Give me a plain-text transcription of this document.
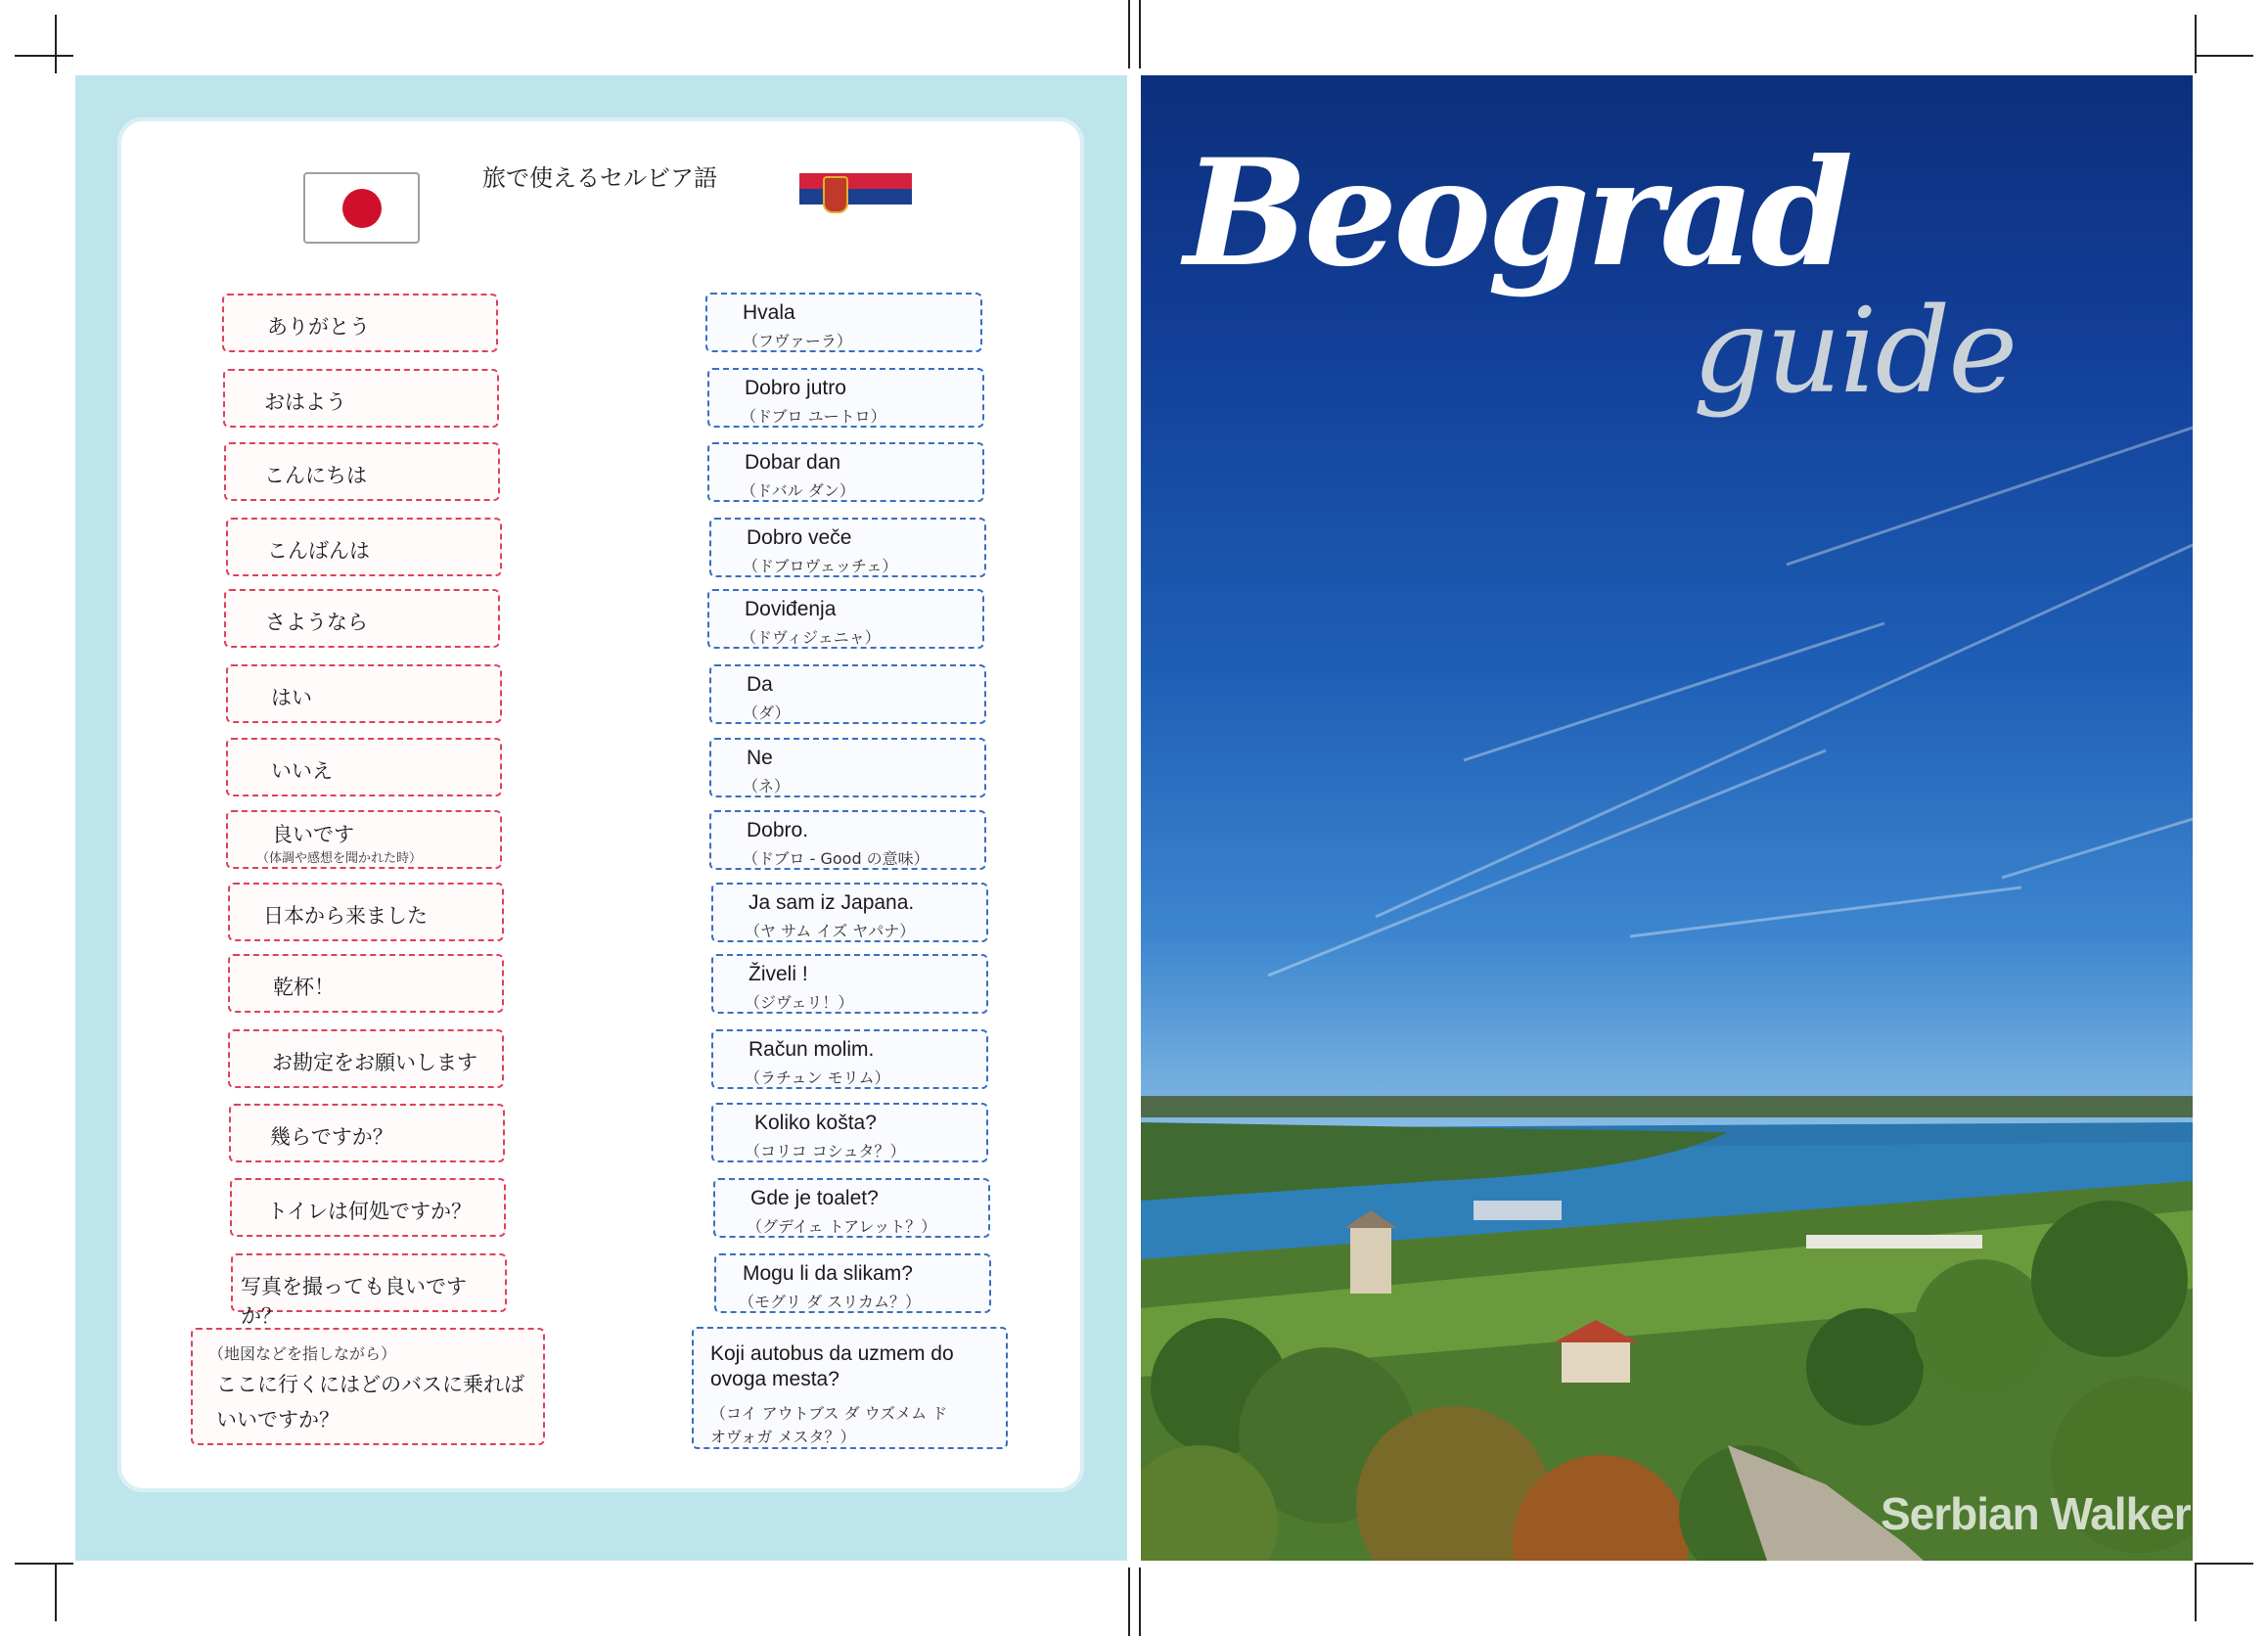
旅で使えるセルビア語
ありがとう
おはよう
こんにちは
こんばんは
さようなら
はい
いいえ
良いです
（体調や感想を聞かれた時）
日本から来ました
乾杯！
お勘定をお願いします
幾らですか？
トイレは何処ですか？
写真を撮っても良いですか？
（地図などを指しながら）
ここに行くにはどのバスに乗れば
いいですか？
Hvala
（フヴァーラ）
Dobro jutro
（ドブロ ユートロ）
Dobar dan
（ドバル ダン）
Dobro veče
（ドブロヴェッチェ）
Doviđenja
（ドヴィジェニャ）
Da
（ダ）
Ne
（ネ）
Dobro.
（ドブロ - Good の意味）
Ja sam iz Japana.
（ヤ サム イズ ヤパナ）
Živeli !
（ジヴェリ！）
Račun molim.
（ラチュン モリム）
Koliko košta?
（コリコ コシュタ？）
Gde je toalet?
（グデイェ トアレット？）
Mogu li da slikam?
（モグリ ダ スリカム？）
Koji autobus da uzmem do
ovoga mesta?
（コイ アウトブス ダ ウズメム ド
オヴォガ メスタ？）
Beograd
guide
Serbian Walker
